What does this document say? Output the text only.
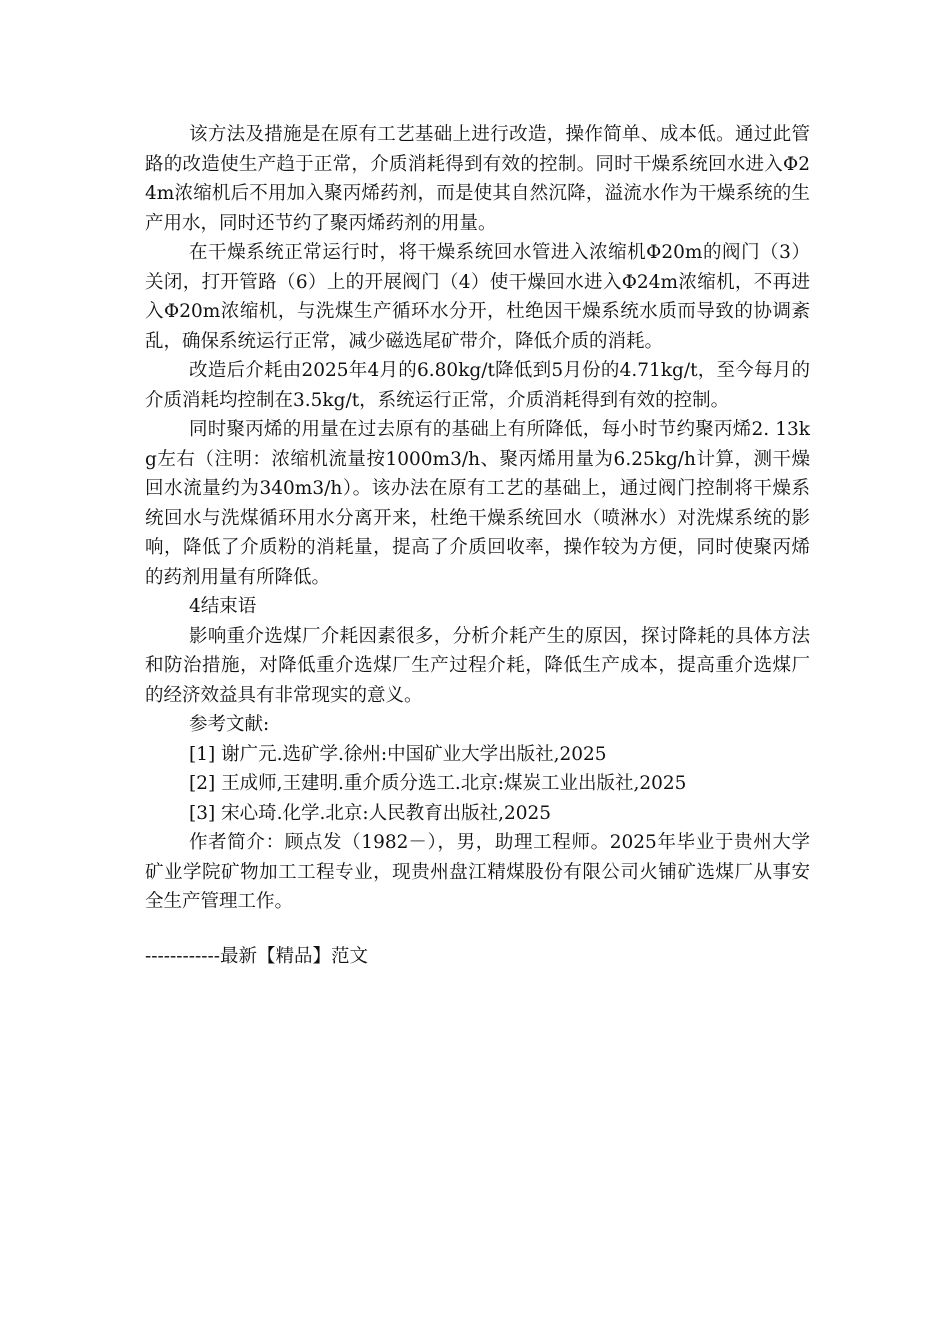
该方法及措施是在原有工艺基础上进行改造，操作简单、成本低。通过此管路的改造使生产趋于正常，介质消耗得到有效的控制。同时干燥系统回水进入Φ24m浓缩机后不用加入聚丙烯药剂，而是使其自然沉降，溢流水作为干燥系统的生产用水，同时还节约了聚丙烯药剂的用量。

在干燥系统正常运行时，将干燥系统回水管进入浓缩机Φ20m的阀门（3）关闭，打开管路（6）上的开展阀门（4）使干燥回水进入Φ24m浓缩机，不再进入Φ20m浓缩机，与洗煤生产循环水分开，杜绝因干燥系统水质而导致的协调紊乱，确保系统运行正常，减少磁选尾矿带介，降低介质的消耗。

改造后介耗由2025年4月的6.80kg/t降低到5月份的4.71kg/t，至今每月的介质消耗均控制在3.5kg/t，系统运行正常，介质消耗得到有效的控制。

同时聚丙烯的用量在过去原有的基础上有所降低，每小时节约聚丙烯2. 13kg左右（注明：浓缩机流量按1000m3/h、聚丙烯用量为6.25kg/h计算，测干燥回水流量约为340m3/h）。该办法在原有工艺的基础上，通过阀门控制将干燥系统回水与洗煤循环用水分离开来，杜绝干燥系统回水（喷淋水）对洗煤系统的影响，降低了介质粉的消耗量，提高了介质回收率，操作较为方便，同时使聚丙烯的药剂用量有所降低。

4结束语

影响重介选煤厂介耗因素很多，分析介耗产生的原因，探讨降耗的具体方法和防治措施，对降低重介选煤厂生产过程介耗，降低生产成本，提高重介选煤厂的经济效益具有非常现实的意义。

参考文献:

[1] 谢广元.选矿学.徐州:中国矿业大学出版社,2025

[2] 王成师,王建明.重介质分选工.北京:煤炭工业出版社,2025

[3] 宋心琦.化学.北京:人民教育出版社,2025

作者简介：顾点发（1982－），男，助理工程师。2025年毕业于贵州大学矿业学院矿物加工工程专业，现贵州盘江精煤股份有限公司火铺矿选煤厂从事安全生产管理工作。

------------最新【精品】范文
